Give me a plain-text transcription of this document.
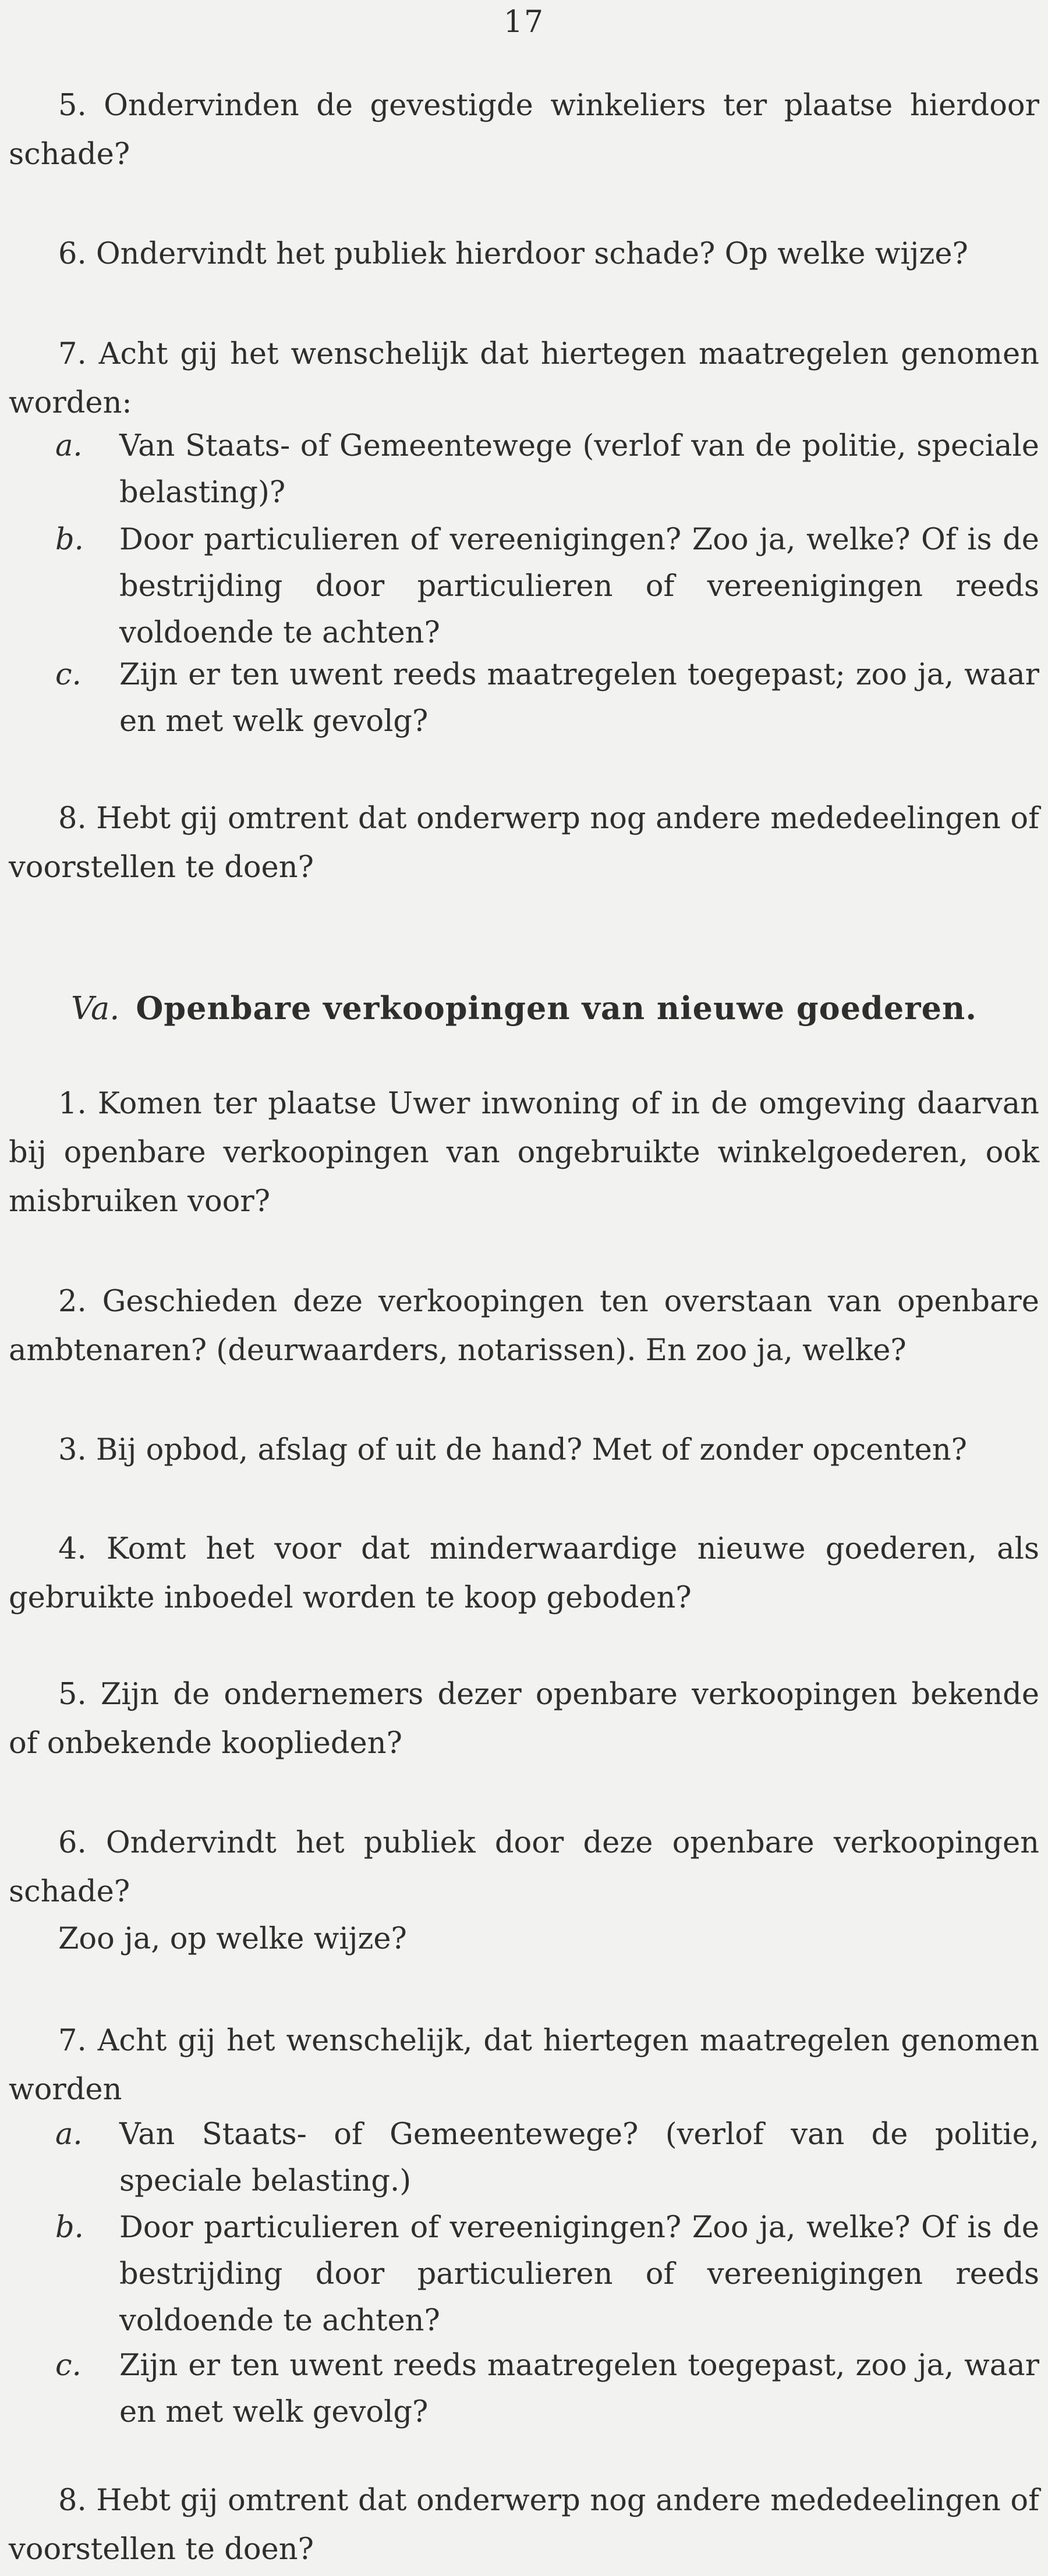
17
5. Ondervinden de gevestigde winkeliers ter plaatse hierdoor schade?
6. Ondervindt het publiek hierdoor schade? Op welke wijze?
7. Acht gij het wenschelijk dat hiertegen maatregelen genomen worden:
a.	Van Staats- of Gemeentewege (verlof van de politie, speciale belasting)?
b.	Door particulieren of vereenigingen? Zoo ja, welke? Of is de bestrijding door particulieren of vereenigingen reeds voldoende te achten?
c.	Zijn er ten uwent reeds maatregelen toegepast; zoo ja, waar en met welk gevolg?
8. Hebt gij omtrent dat onderwerp nog andere mededeelingen of voorstellen te doen?
Va. Openbare verkoopingen van nieuwe goederen.
1. Komen ter plaatse Uwer inwoning of in de omgeving daarvan bij openbare verkoopingen van ongebruikte winkelgoederen, ook misbruiken voor?
2. Geschieden deze verkoopingen ten overstaan van openbare ambtenaren? (deurwaarders, notarissen). En zoo ja, welke?
3. Bij opbod, afslag of uit de hand? Met of zonder opcenten?
4. Komt het voor dat minderwaardige nieuwe goederen, als gebruikte inboedel worden te koop geboden?
5. Zijn de ondernemers dezer openbare verkoopingen bekende of onbekende kooplieden?
6. Ondervindt het publiek door deze openbare verkoopingen schade?
Zoo ja, op welke wijze?
7. Acht gij het wenschelijk, dat hiertegen maatregelen genomen worden
a.	Van Staats- of Gemeentewege? (verlof van de politie, speciale belasting.)
b.	Door particulieren of vereenigingen? Zoo ja, welke? Of is de bestrijding door particulieren of vereenigingen reeds voldoende te achten?
c.	Zijn er ten uwent reeds maatregelen toegepast, zoo ja, waar en met welk gevolg?
8. Hebt gij omtrent dat onderwerp nog andere mededeelingen of voorstellen te doen?
